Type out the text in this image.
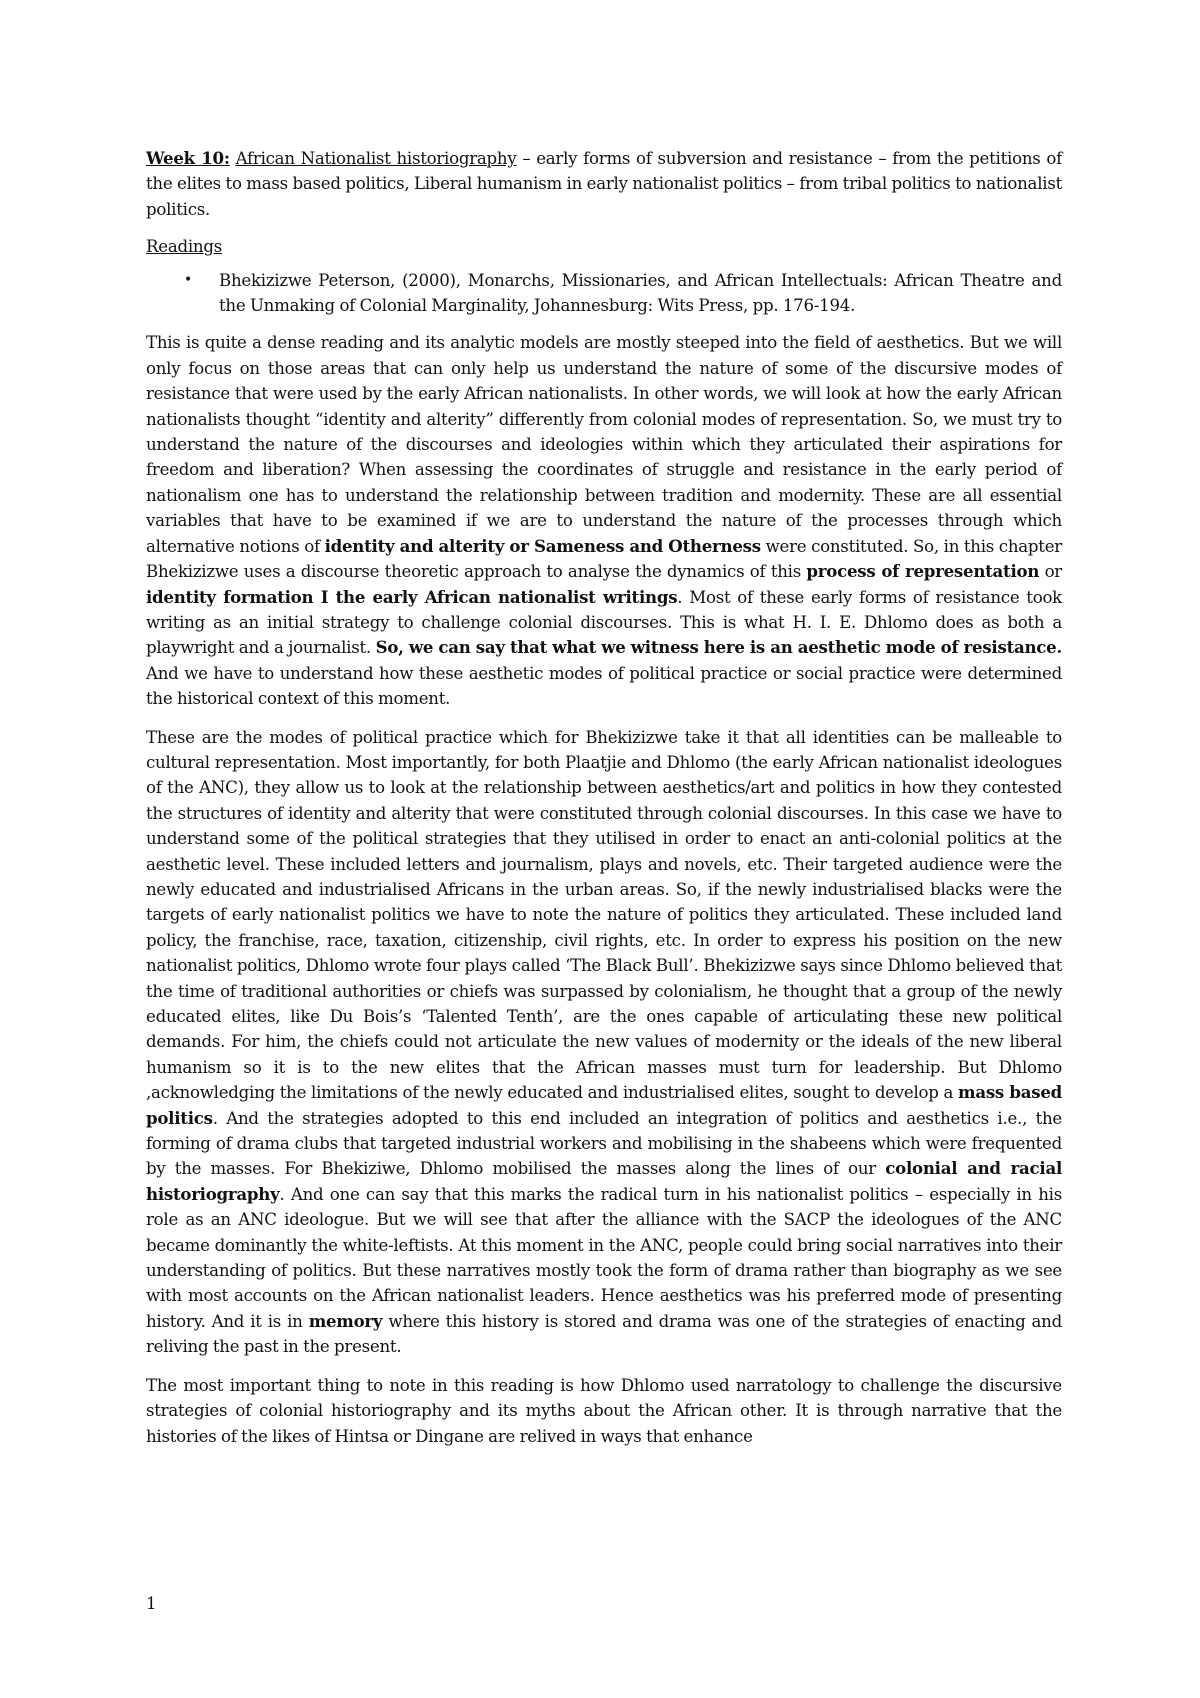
Week 10: African Nationalist historiography – early forms of subversion and resistance – from the petitions of the elites to mass based politics, Liberal humanism in early nationalist politics – from tribal politics to nationalist politics.

Readings
• Bhekizizwe Peterson, (2000), Monarchs, Missionaries, and African Intellectuals: African Theatre and the Unmaking of Colonial Marginality, Johannesburg: Wits Press, pp. 176-194.

This is quite a dense reading and its analytic models are mostly steeped into the field of aesthetics. But we will only focus on those areas that can only help us understand the nature of some of the discursive modes of resistance that were used by the early African nationalists. In other words, we will look at how the early African nationalists thought “identity and alterity” differently from colonial modes of representation. So, we must try to understand the nature of the discourses and ideologies within which they articulated their aspirations for freedom and liberation? When assessing the coordinates of struggle and resistance in the early period of nationalism one has to understand the relationship between tradition and modernity. These are all essential variables that have to be examined if we are to understand the nature of the processes through which alternative notions of identity and alterity or Sameness and Otherness were constituted. So, in this chapter Bhekizizwe uses a discourse theoretic approach to analyse the dynamics of this process of representation or identity formation I the early African nationalist writings. Most of these early forms of resistance took writing as an initial strategy to challenge colonial discourses. This is what H. I. E. Dhlomo does as both a playwright and a journalist. So, we can say that what we witness here is an aesthetic mode of resistance. And we have to understand how these aesthetic modes of political practice or social practice were determined the historical context of this moment.

These are the modes of political practice which for Bhekizizwe take it that all identities can be malleable to cultural representation. Most importantly, for both Plaatjie and Dhlomo (the early African nationalist ideologues of the ANC), they allow us to look at the relationship between aesthetics/art and politics in how they contested the structures of identity and alterity that were constituted through colonial discourses. In this case we have to understand some of the political strategies that they utilised in order to enact an anti-colonial politics at the aesthetic level. These included letters and journalism, plays and novels, etc. Their targeted audience were the newly educated and industrialised Africans in the urban areas. So, if the newly industrialised blacks were the targets of early nationalist politics we have to note the nature of politics they articulated. These included land policy, the franchise, race, taxation, citizenship, civil rights, etc. In order to express his position on the new nationalist politics, Dhlomo wrote four plays called ‘The Black Bull’. Bhekizizwe says since Dhlomo believed that the time of traditional authorities or chiefs was surpassed by colonialism, he thought that a group of the newly educated elites, like Du Bois’s ‘Talented Tenth’, are the ones capable of articulating these new political demands. For him, the chiefs could not articulate the new values of modernity or the ideals of the new liberal humanism so it is to the new elites that the African masses must turn for leadership. But Dhlomo ,acknowledging the limitations of the newly educated and industrialised elites, sought to develop a mass based politics. And the strategies adopted to this end included an integration of politics and aesthetics i.e., the forming of drama clubs that targeted industrial workers and mobilising in the shabeens which were frequented by the masses. For Bhekiziwe, Dhlomo mobilised the masses along the lines of our colonial and racial historiography. And one can say that this marks the radical turn in his nationalist politics – especially in his role as an ANC ideologue. But we will see that after the alliance with the SACP the ideologues of the ANC became dominantly the white-leftists. At this moment in the ANC, people could bring social narratives into their understanding of politics. But these narratives mostly took the form of drama rather than biography as we see with most accounts on the African nationalist leaders. Hence aesthetics was his preferred mode of presenting history. And it is in memory where this history is stored and drama was one of the strategies of enacting and reliving the past in the present.

The most important thing to note in this reading is how Dhlomo used narratology to challenge the discursive strategies of colonial historiography and its myths about the African other. It is through narrative that the histories of the likes of Hintsa or Dingane are relived in ways that enhance

1
